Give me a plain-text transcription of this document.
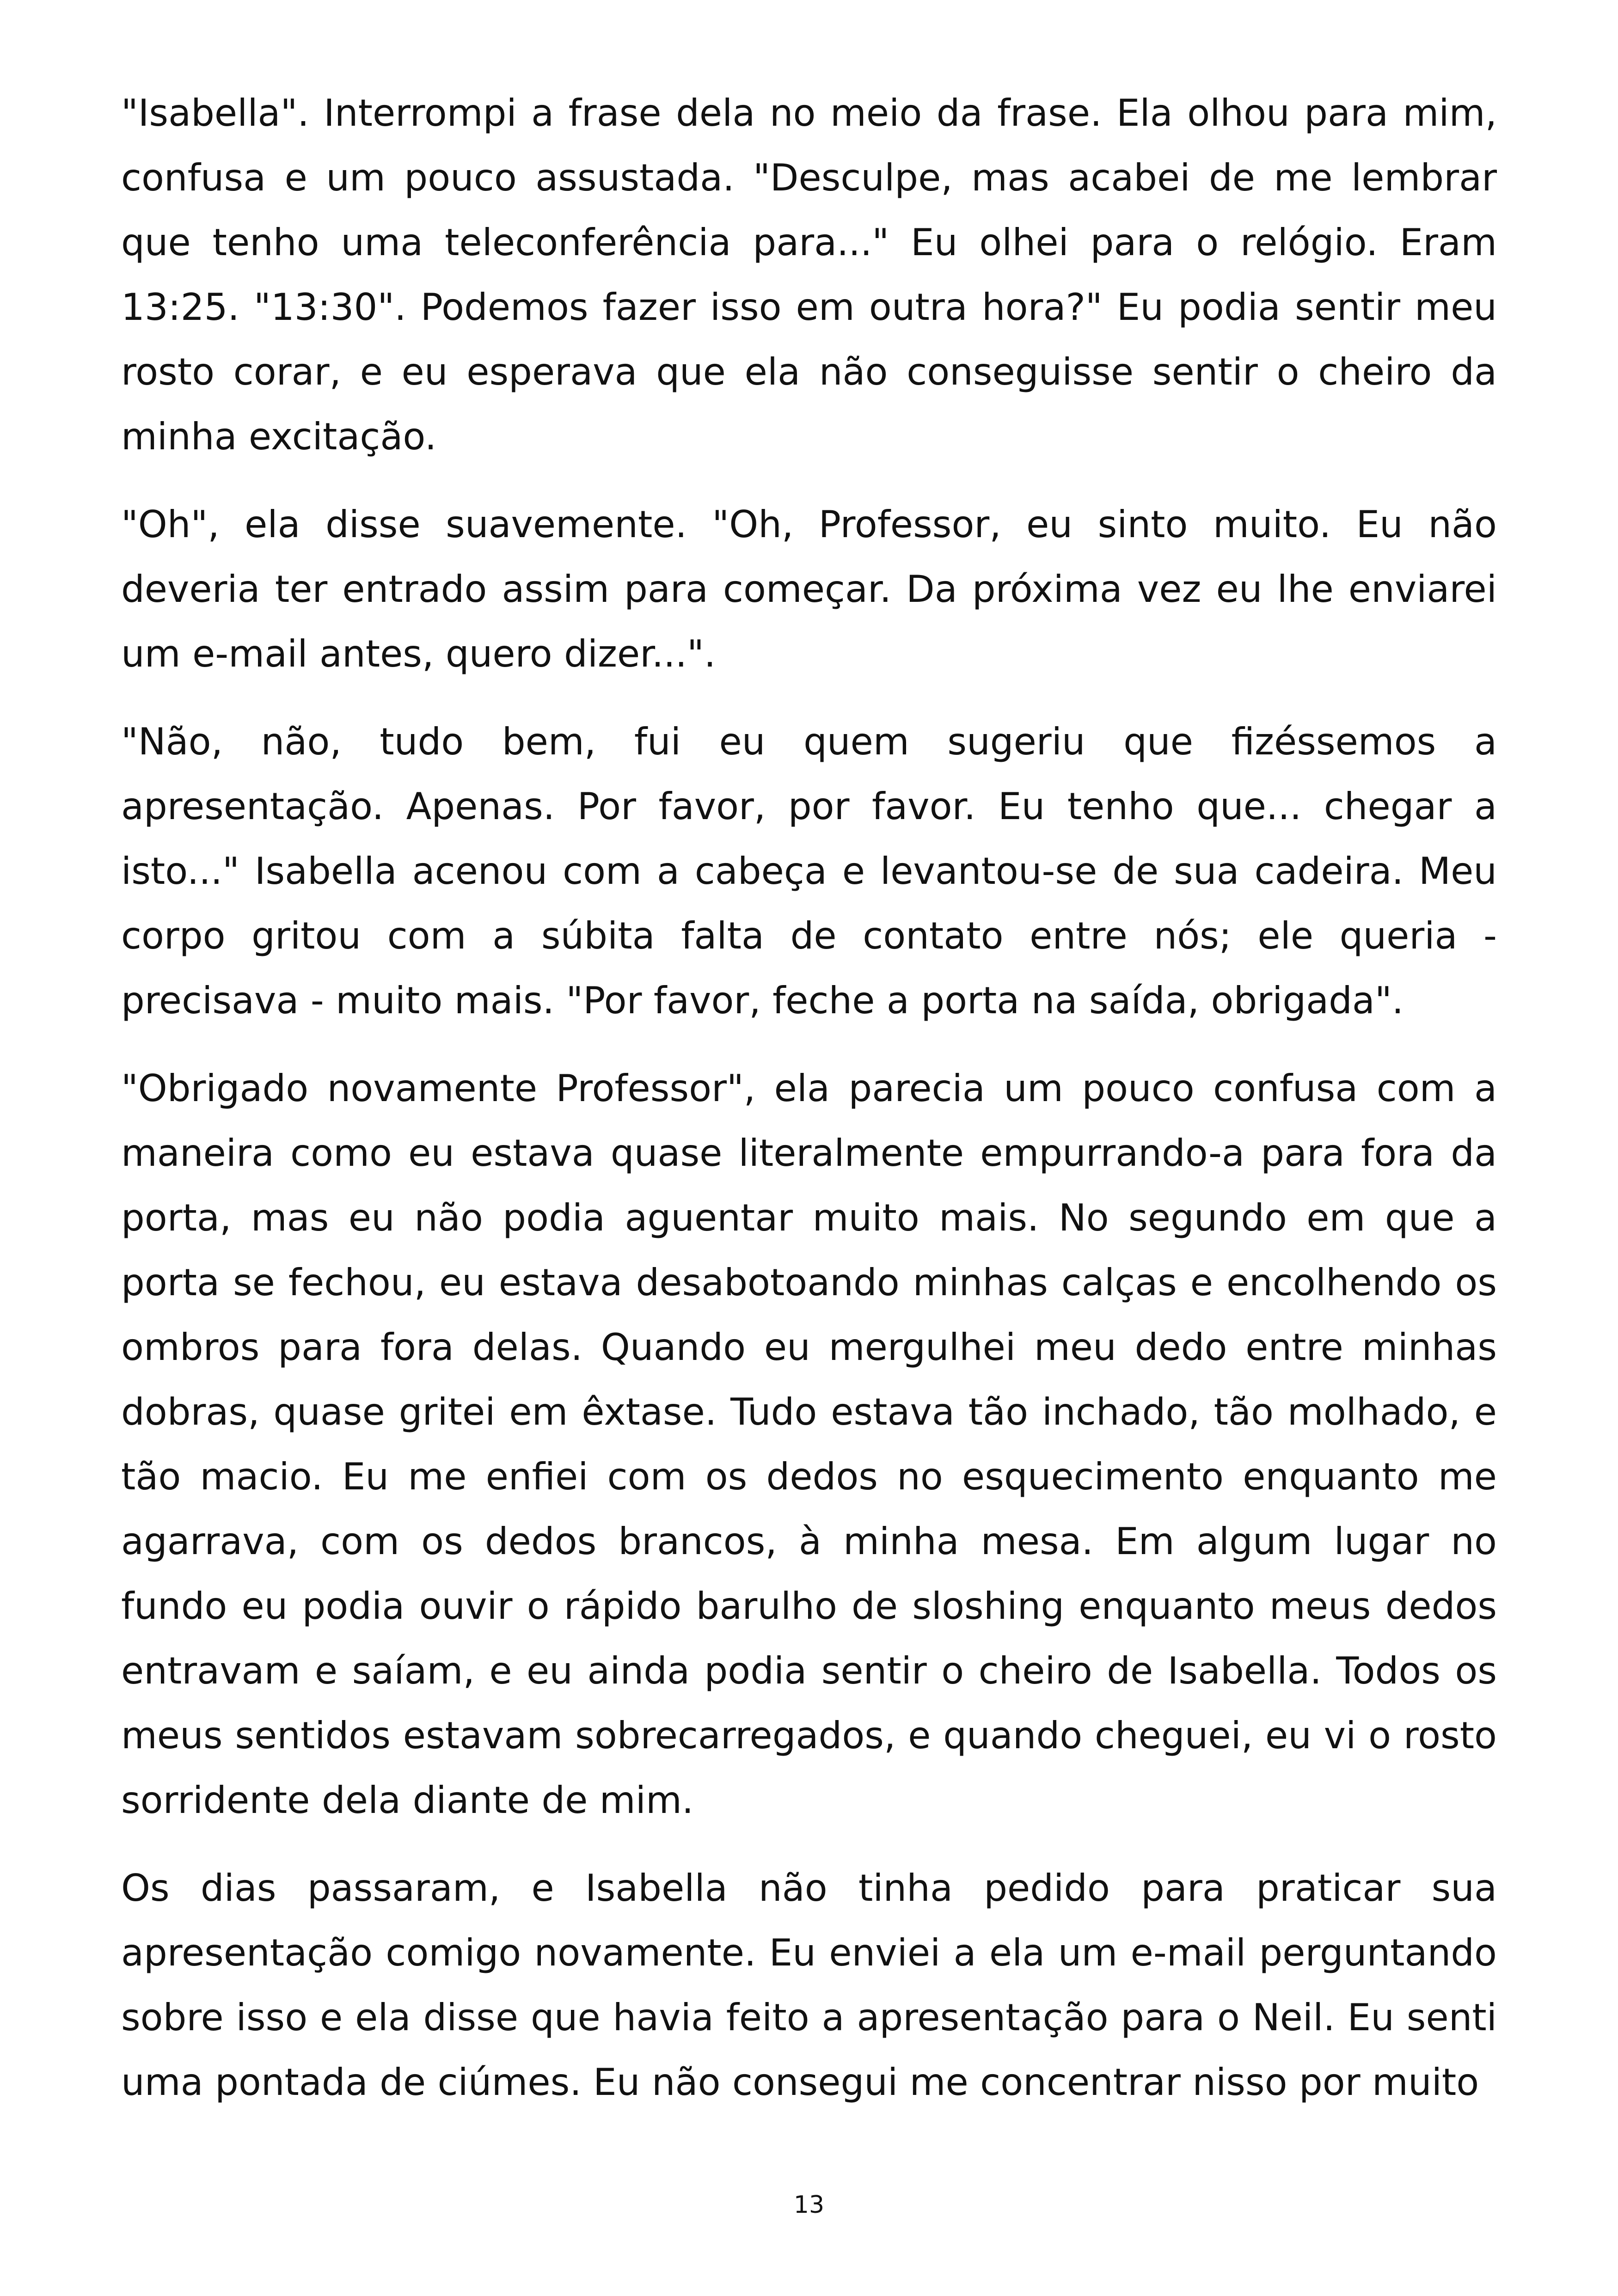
"Isabella". Interrompi a frase dela no meio da frase. Ela olhou para mim, confusa e um pouco assustada. "Desculpe, mas acabei de me lembrar que tenho uma teleconferência para..." Eu olhei para o relógio. Eram 13:25. "13:30". Podemos fazer isso em outra hora?" Eu podia sentir meu rosto corar, e eu esperava que ela não conseguisse sentir o cheiro da minha excitação.

"Oh", ela disse suavemente. "Oh, Professor, eu sinto muito. Eu não deveria ter entrado assim para começar. Da próxima vez eu lhe enviarei um e-mail antes, quero dizer...".

"Não, não, tudo bem, fui eu quem sugeriu que fizéssemos a apresentação. Apenas. Por favor, por favor. Eu tenho que... chegar a isto..." Isabella acenou com a cabeça e levantou-se de sua cadeira. Meu corpo gritou com a súbita falta de contato entre nós; ele queria - precisava - muito mais. "Por favor, feche a porta na saída, obrigada".

"Obrigado novamente Professor", ela parecia um pouco confusa com a maneira como eu estava quase literalmente empurrando-a para fora da porta, mas eu não podia aguentar muito mais. No segundo em que a porta se fechou, eu estava desabotoando minhas calças e encolhendo os ombros para fora delas. Quando eu mergulhei meu dedo entre minhas dobras, quase gritei em êxtase. Tudo estava tão inchado, tão molhado, e tão macio. Eu me enfiei com os dedos no esquecimento enquanto me agarrava, com os dedos brancos, à minha mesa. Em algum lugar no fundo eu podia ouvir o rápido barulho de sloshing enquanto meus dedos entravam e saíam, e eu ainda podia sentir o cheiro de Isabella. Todos os meus sentidos estavam sobrecarregados, e quando cheguei, eu vi o rosto sorridente dela diante de mim.

Os dias passaram, e Isabella não tinha pedido para praticar sua apresentação comigo novamente. Eu enviei a ela um e-mail perguntando sobre isso e ela disse que havia feito a apresentação para o Neil. Eu senti uma pontada de ciúmes. Eu não consegui me concentrar nisso por muito

13
